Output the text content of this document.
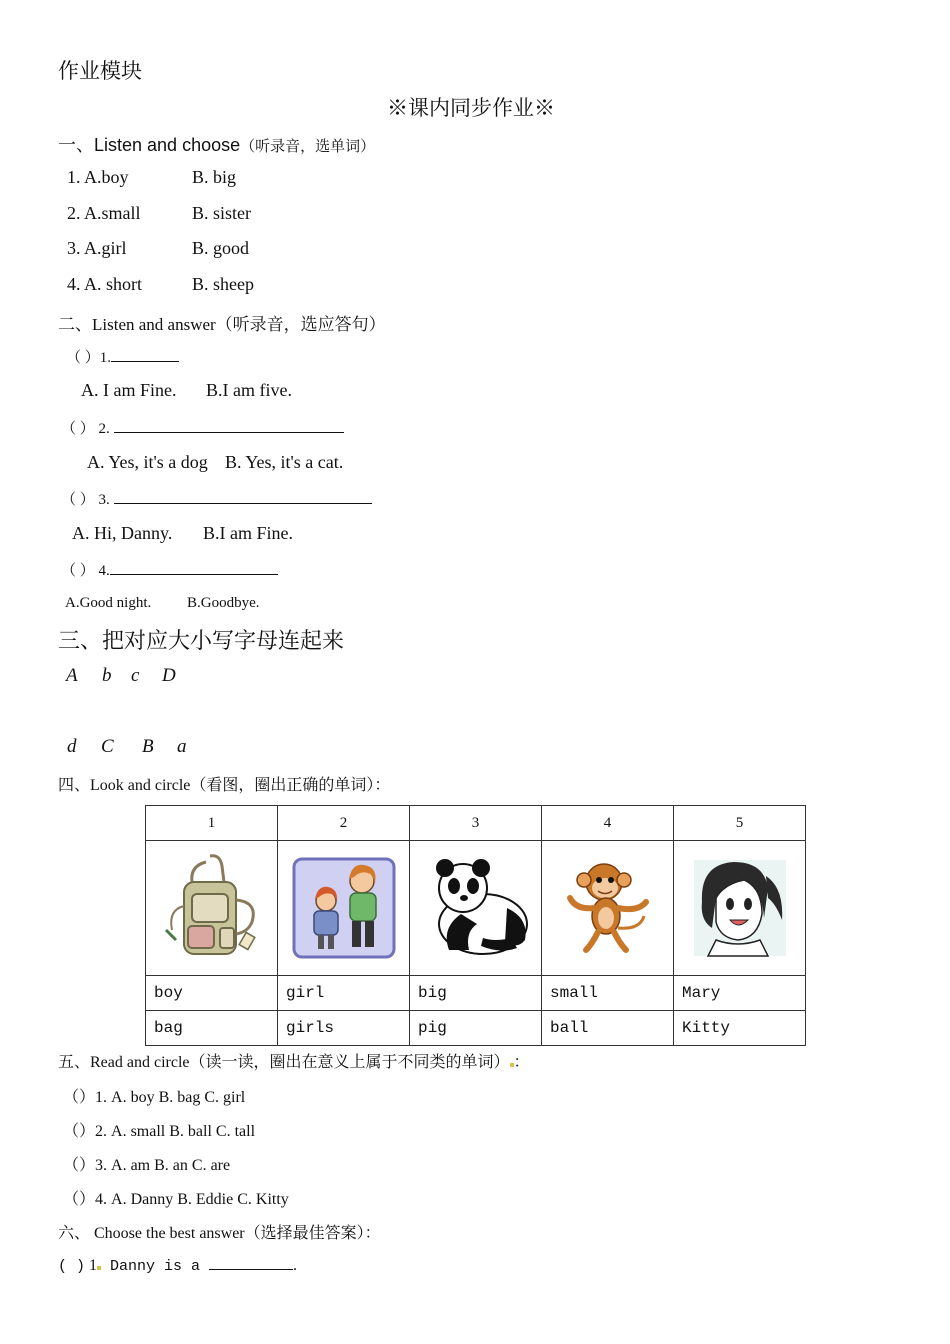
作业模块
※课内同步作业※
一、Listen and choose（听录音，选单词）
1. A.boy	B. big
2. A.small	B. sister
3. A.girl	B. good
4. A. short	B. sheep
二、Listen and answer（听录音，选应答句）
（ ）1.
A. I am Fine. B.I am five.
（ ） 2.
A. Yes, it's a dog B. Yes, it's a cat.
（ ） 3.
A. Hi, Danny. B.I am Fine.
（ ） 4.
A.Good night. B.Goodbye.
三、把对应大小写字母连起来
A b c D
d C B a
四、Look and circle（看图，圈出正确的单词）：
1	2	3	4	5

boy	girl	big	small	Mary
bag	girls	pig	ball	Kitty
五、Read and circle（读一读，圈出在意义上属于不同类的单词） ：
（）1. A. boy B. bag C. girl
（）2. A. small B. ball C. tall
（）3. A. am B. an C. are
（）4. A. Danny B. Eddie C. Kitty
六、 Choose the best answer（选择最佳答案）：
( ) 1 Danny is a	.
